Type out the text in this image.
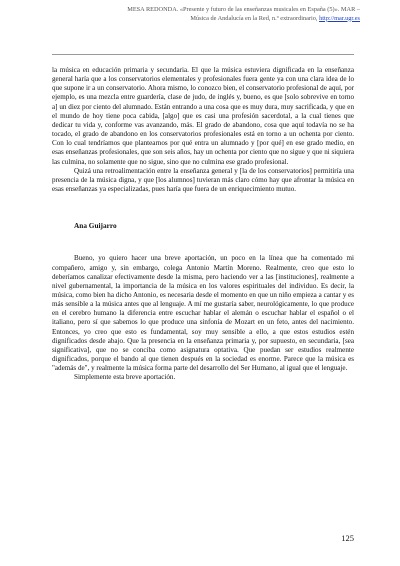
MESA REDONDA. «Presente y futuro de las enseñanzas musicales en España (5)». MAR – Música de Andalucía en la Red, n.º extraordinario, http://mar.ugr.es

la música en educación primaria y secundaria. El que la música estuviera dignificada en la enseñanza general haría que a los conservatorios elementales y profesionales fuera gente ya con una clara idea de lo que supone ir a un conservatorio. Ahora mismo, lo conozco bien, el conservatorio profesional de aquí, por ejemplo, es una mezcla entre guardería, clase de judo, de inglés y, bueno, es que [solo sobrevive en torno a] un diez por ciento del alumnado. Están entrando a una cosa que es muy dura, muy sacrificada, y que en el mundo de hoy tiene poca cabida, [algo] que es casi una profesión sacerdotal, a la cual tienes que dedicar tu vida y, conforme vas avanzando, más. El grado de abandono, cosa que aquí todavía no se ha tocado, el grado de abandono en los conservatorios profesionales está en torno a un ochenta por ciento. Con lo cual tendríamos que plantearnos por qué entra un alumnado y [por qué] en ese grado medio, en esas enseñanzas profesionales, que son seis años, hay un ochenta por ciento que no sigue y que ni siquiera las culmina, no solamente que no sigue, sino que no culmina ese grado profesional.

Quizá una retroalimentación entre la enseñanza general y [la de los conservatorios] permitiría una presencia de la música digna, y que [los alumnos] tuvieran más claro cómo hay que afrontar la música en esas enseñanzas ya especializadas, pues haría que fuera de un enriquecimiento mutuo.

Ana Guijarro

Bueno, yo quiero hacer una breve aportación, un poco en la línea que ha comentado mi compañero, amigo y, sin embargo, colega Antonio Martín Moreno. Realmente, creo que esto lo deberíamos canalizar efectivamente desde la misma, pero haciendo ver a las [instituciones], realmente a nivel gubernamental, la importancia de la música en los valores espirituales del individuo. Es decir, la música, como bien ha dicho Antonio, es necesaria desde el momento en que un niño empieza a cantar y es más sensible a la música antes que al lenguaje. A mí me gustaría saber, neurológicamente, lo que produce en el cerebro humano la diferencia entre escuchar hablar el alemán o escuchar hablar el español o el italiano, pero sí que sabemos lo que produce una sinfonía de Mozart en un feto, antes del nacimiento. Entonces, yo creo que esto es fundamental, soy muy sensible a ello, a que estos estudios estén dignificados desde abajo. Que la presencia en la enseñanza primaria y, por supuesto, en secundaria, [sea significativa], que no se conciba como asignatura optativa. Que puedan ser estudios realmente dignificados, porque el bando al que tienen después en la sociedad es enorme. Parece que la música es "además de", y realmente la música forma parte del desarrollo del Ser Humano, al igual que el lenguaje.

Simplemente esta breve aportación.

125
